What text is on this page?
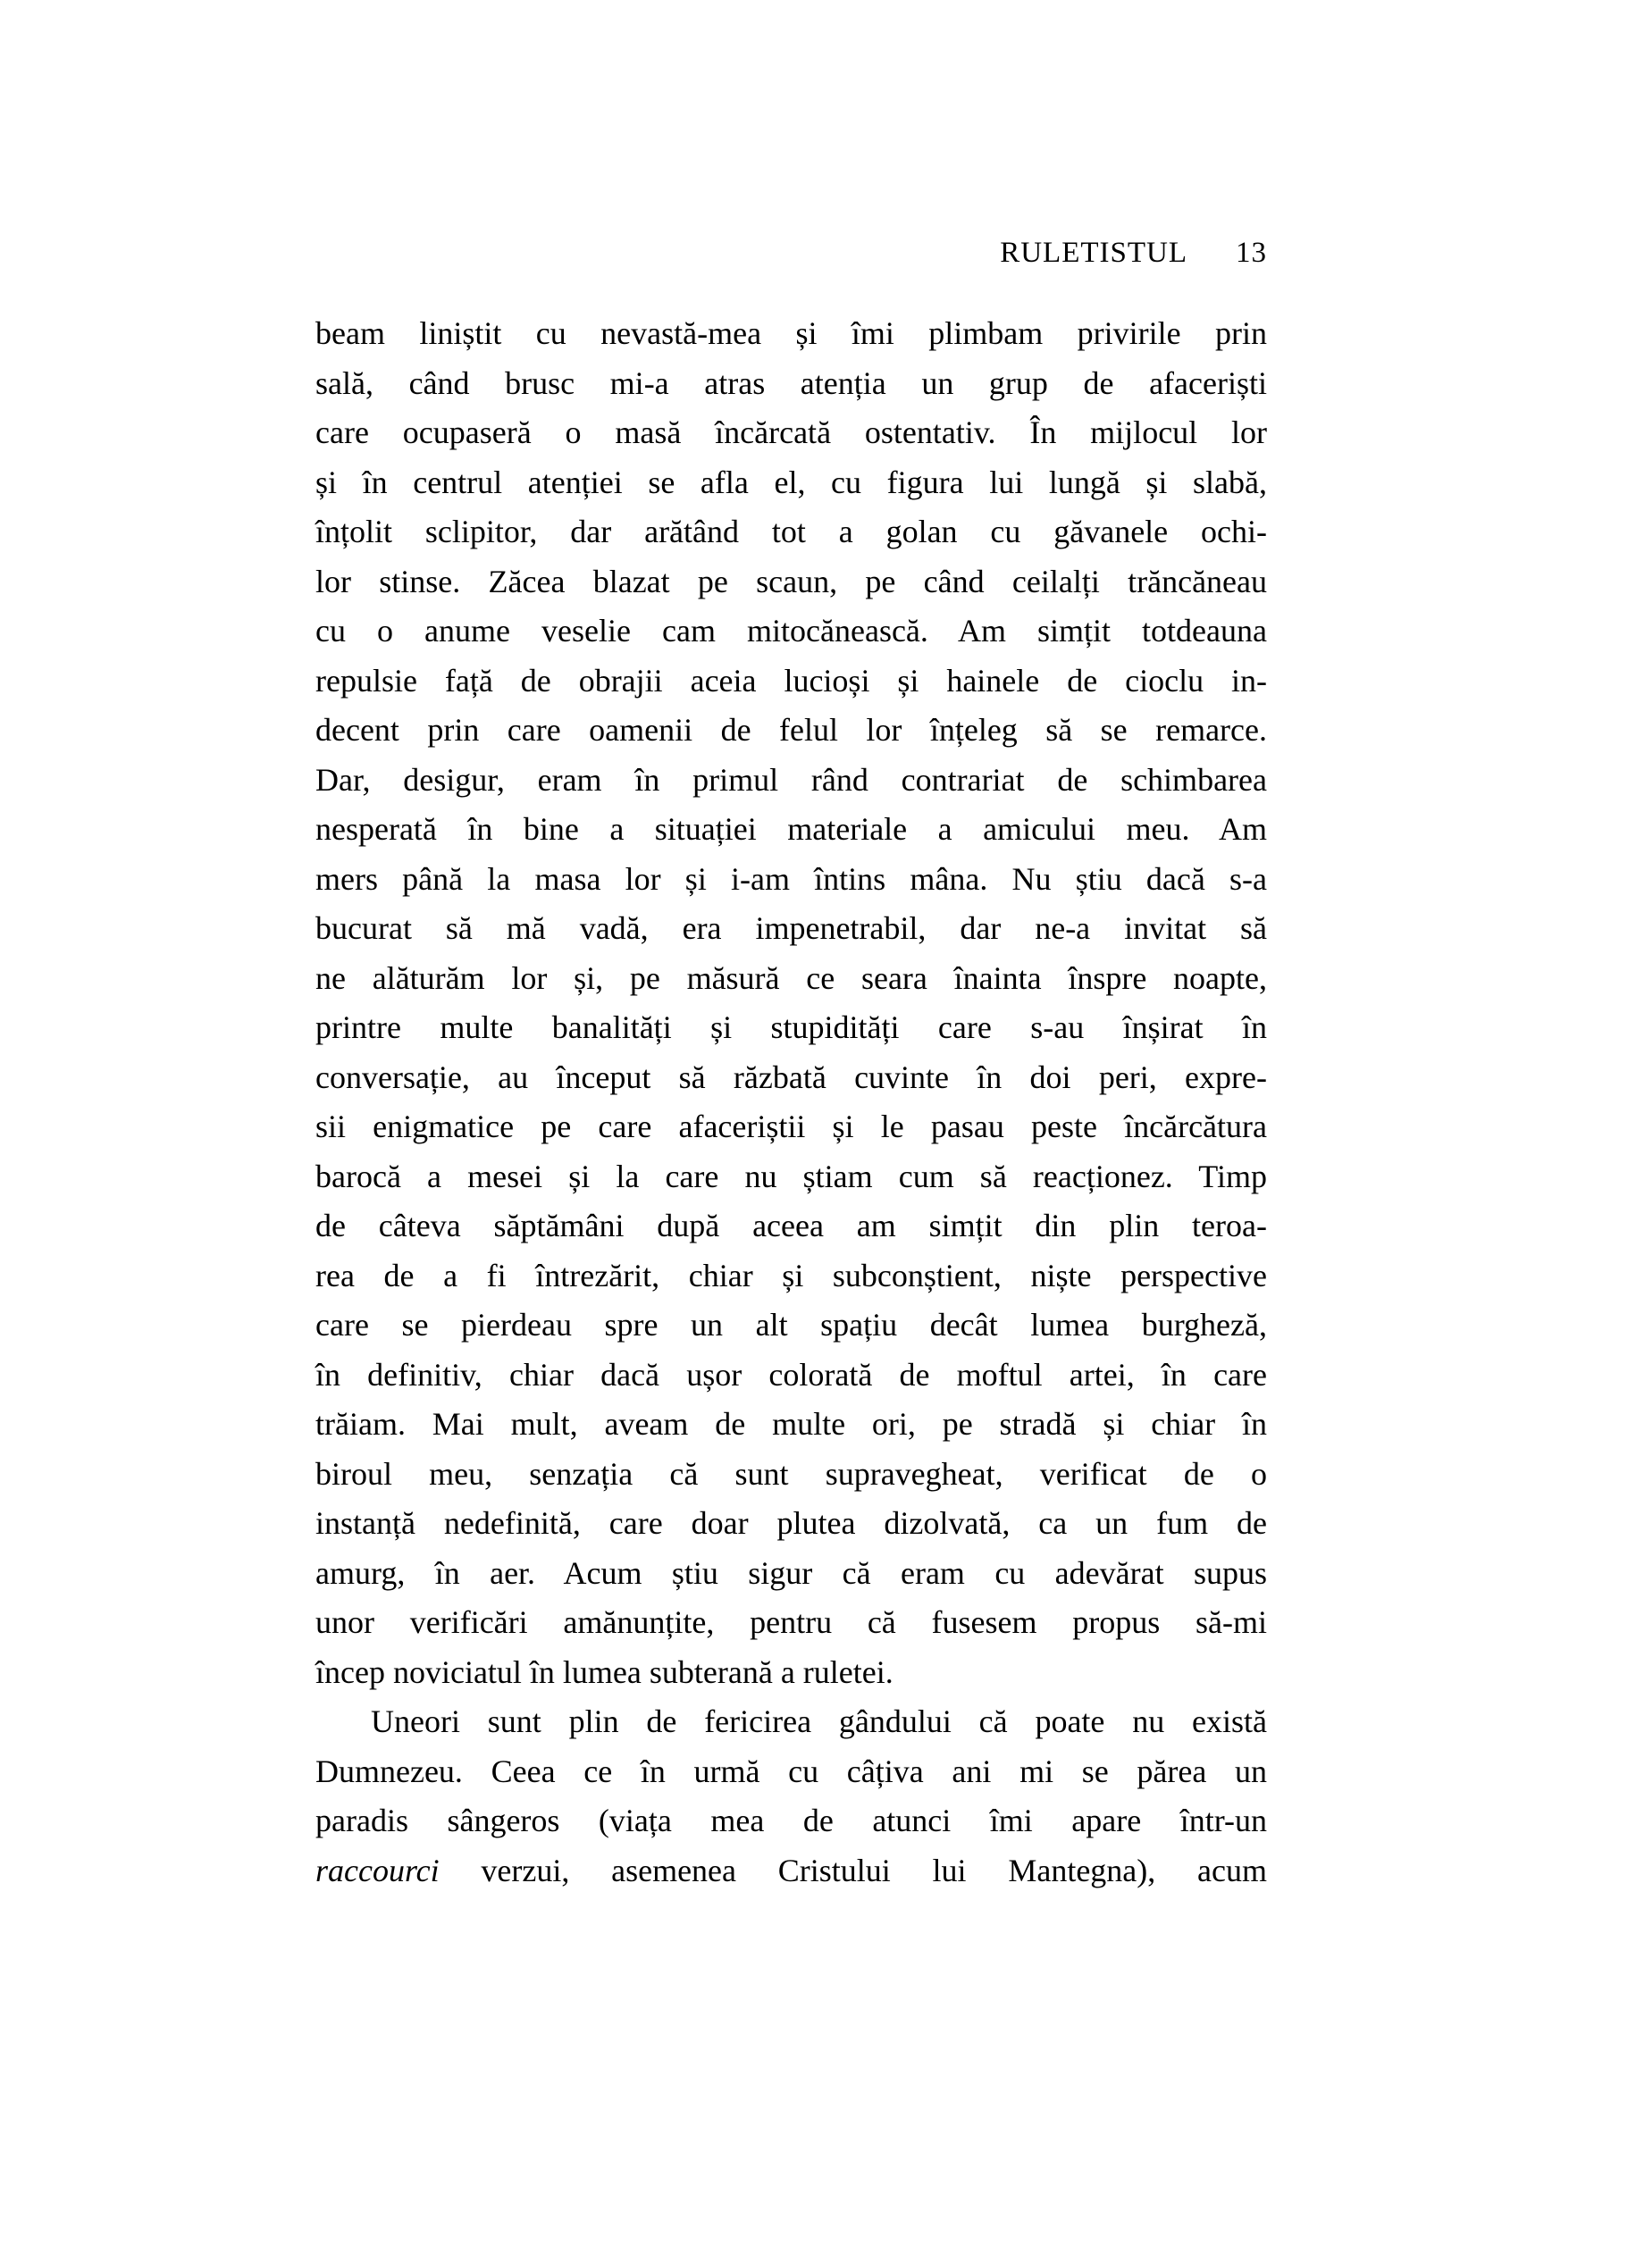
RULETISTUL 13
beam liniștit cu nevastă-mea și îmi plimbam privirile prin
sală, când brusc mi-a atras atenția un grup de afaceriști
care ocupaseră o masă încărcată ostentativ. În mijlocul lor
și în centrul atenției se afla el, cu figura lui lungă și slabă,
înțolit sclipitor, dar arătând tot a golan cu găvanele ochi-
lor stinse. Zăcea blazat pe scaun, pe când ceilalți trăncăneau
cu o anume veselie cam mitocănească. Am simțit totdeauna
repulsie față de obrajii aceia lucioși și hainele de cioclu in-
decent prin care oamenii de felul lor înțeleg să se remarce.
Dar, desigur, eram în primul rând contrariat de schimbarea
nesperată în bine a situației materiale a amicului meu. Am
mers până la masa lor și i-am întins mâna. Nu știu dacă s-a
bucurat să mă vadă, era impenetrabil, dar ne-a invitat să
ne alăturăm lor și, pe măsură ce seara înainta înspre noapte,
printre multe banalități și stupidități care s-au înșirat în
conversație, au început să răzbată cuvinte în doi peri, expre-
sii enigmatice pe care afaceriștii și le pasau peste încărcătura
barocă a mesei și la care nu știam cum să reacționez. Timp
de câteva săptămâni după aceea am simțit din plin teroa-
rea de a fi întrezărit, chiar și subconștient, niște perspective
care se pierdeau spre un alt spațiu decât lumea burgheză,
în definitiv, chiar dacă ușor colorată de moftul artei, în care
trăiam. Mai mult, aveam de multe ori, pe stradă și chiar în
biroul meu, senzația că sunt supravegheat, verificat de o
instanță nedefinită, care doar plutea dizolvată, ca un fum de
amurg, în aer. Acum știu sigur că eram cu adevărat supus
unor verificări amănunțite, pentru că fusesem propus să-mi
încep noviciatul în lumea subterană a ruletei.
Uneori sunt plin de fericirea gândului că poate nu există
Dumnezeu. Ceea ce în urmă cu câțiva ani mi se părea un
paradis sângeros (viața mea de atunci îmi apare într-un
raccourci verzui, asemenea Cristului lui Mantegna), acum
